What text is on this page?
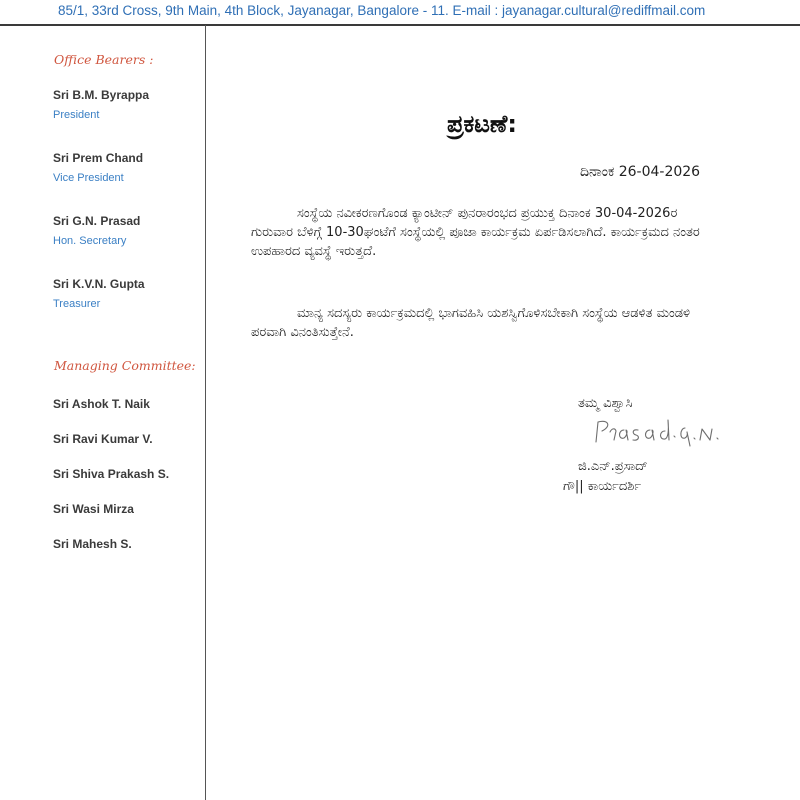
85/1, 33rd Cross, 9th Main, 4th Block, Jayanagar, Bangalore - 11. E-mail : jayanagar.cultural@rediffmail.com
Office Bearers :
Sri B.M. Byrappa
President
Sri Prem Chand
Vice President
Sri G.N. Prasad
Hon. Secretary
Sri K.V.N. Gupta
Treasurer
Managing Committee:
Sri Ashok T. Naik
Sri Ravi Kumar V.
Sri Shiva Prakash S.
Sri Wasi Mirza
Sri Mahesh S.
ಪ್ರಕಟಣೆ:
ದಿನಾಂಕ 26-04-2026

ಸಂಸ್ಥೆಯ ನವೀಕರಣಗೊಂಡ ಕ್ಯಾಂಟೀನ್ ಪುನರಾರಂಭದ ಪ್ರಯುಕ್ತ ದಿನಾಂಕ 30-04-2026ರ ಗುರುವಾರ ಬೆಳಿಗ್ಗೆ 10-30ಘಂಟೆಗೆ ಸಂಸ್ಥೆಯಲ್ಲಿ ಪೂಜಾ ಕಾರ್ಯಕ್ರಮ ಏರ್ಪಡಿಸಲಾಗಿದೆ. ಕಾರ್ಯಕ್ರಮದ ನಂತರ ಉಪಹಾರದ ವ್ಯವಸ್ಥೆ ಇರುತ್ತದೆ.

ಮಾನ್ಯ ಸದಸ್ಯರು ಕಾರ್ಯಕ್ರಮದಲ್ಲಿ ಭಾಗವಹಿಸಿ ಯಶಸ್ವಿಗೊಳಿಸಬೇಕಾಗಿ ಸಂಸ್ಥೆಯ ಆಡಳಿತ ಮಂಡಳಿ ಪರವಾಗಿ ವಿನಂತಿಸುತ್ತೇನೆ.

ತಮ್ಮ ವಿಶ್ವಾಸಿ
ಜಿ.ಎನ್.ಪ್ರಸಾದ್
ಗೌ|| ಕಾರ್ಯದರ್ಶಿ
